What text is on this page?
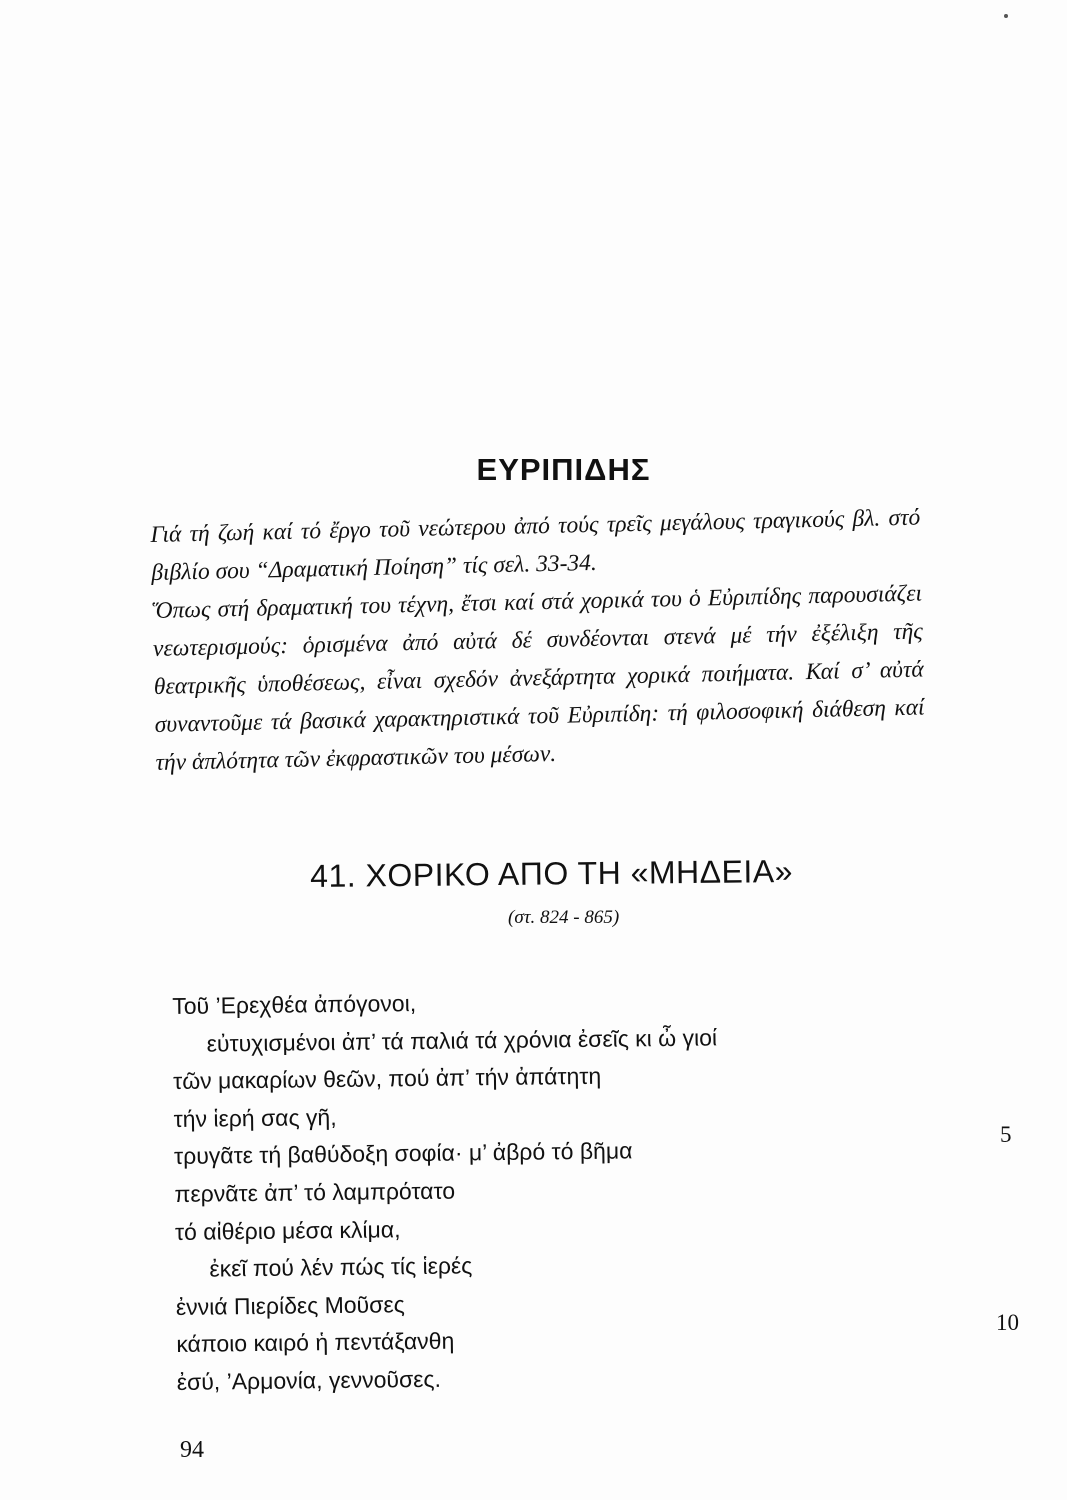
ΕΥΡΙΠΙΔΗΣ

Γιά τή ζωή καί τό ἔργο τοῦ νεώτερου ἀπό τούς τρεῖς μεγάλους τραγικούς βλ. στό βιβλίο σου “Δραματική Ποίηση” τίς σελ. 33-34.

Ὅπως στή δραματική του τέχνη, ἔτσι καί στά χορικά του ὁ Εὐριπίδης παρουσιάζει νεωτερισμούς: ὁρισμένα ἀπό αὐτά δέ συνδέονται στενά μέ τήν ἐξέλιξη τῆς θεατρικῆς ὑποθέσεως, εἶναι σχεδόν ἀνεξάρτητα χορικά ποιήματα. Καί σ’ αὐτά συναντοῦμε τά βασικά χαρακτηριστικά τοῦ Εὐριπίδη: τή φιλοσοφική διάθεση καί τήν ἁπλότητα τῶν ἐκφραστικῶν του μέσων.

41. ΧΟΡΙΚΟ ΑΠΟ ΤΗ «ΜΗΔΕΙΑ»
(στ. 824 - 865)
Τοῦ ’Ερεχθέα ἀπόγονοι,
εὐτυχισμένοι ἀπ’ τά παλιά τά χρόνια ἐσεῖς κι ὦ γιοί
τῶν μακαρίων θεῶν, πού ἀπ’ τήν ἀπάτητη
τήν ἱερή σας γῆ,
τρυγᾶτε τή βαθύδοξη σοφία· μ’ ἀβρό τό βῆμα
περνᾶτε ἀπ’ τό λαμπρότατο
τό αἰθέριο μέσα κλίμα,
ἐκεῖ πού λέν πώς τίς ἱερές
ἐννιά Πιερίδες Μοῦσες
κάποιο καιρό ἡ πεντάξανθη
ἐσύ, ’Αρμονία, γεννοῦσες.
5
10
94
